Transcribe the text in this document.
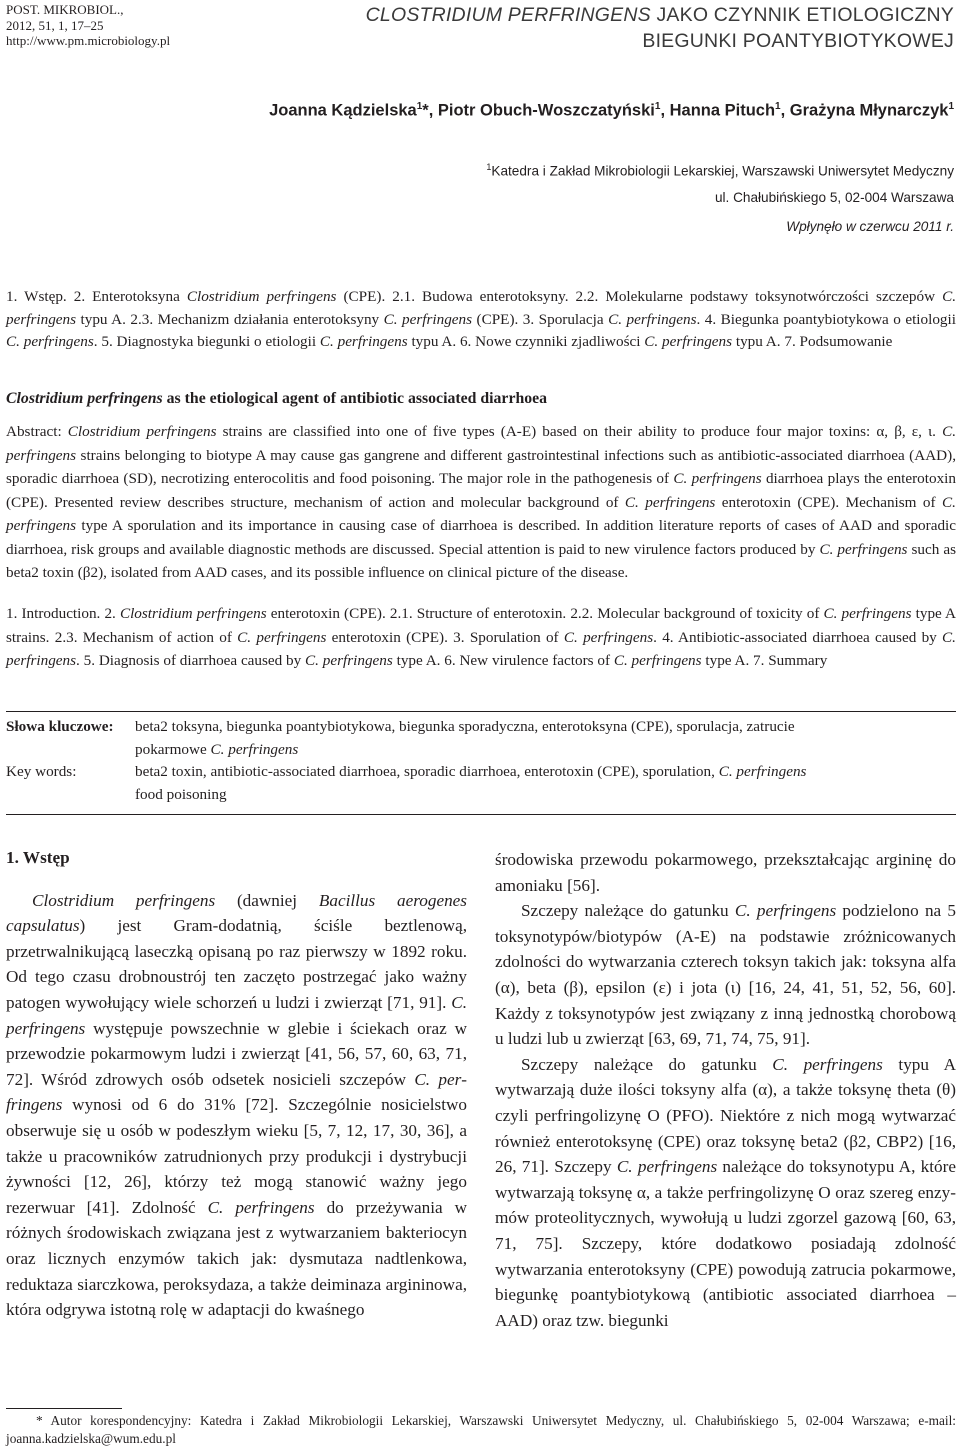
POST. MIKROBIOL.,
2012, 51, 1, 17–25
http://www.pm.microbiology.pl
CLOSTRIDIUM PERFRINGENS JAKO CZYNNIK ETIOLOGICZNY
BIEGUNKI POANTYBIOTYKOWEJ
Joanna Kądzielska$^1$*, Piotr Obuch-Woszczatyński$^1$, Hanna Pituch$^1$, Grażyna Młynarczyk$^1$
$^1$Katedra i Zakład Mikrobiologii Lekarskiej, Warszawski Uniwersytet Medyczny
ul. Chałubińskiego 5, 02-004 Warszawa
Wpłynęło w czerwcu 2011 r.
1. Wstęp. 2. Enterotoksyna Clostridium perfringens (CPE). 2.1. Budowa enterotoksyny. 2.2. Molekularne podstawy toksynotwórczości szczepów C. perfringens typu A. 2.3. Mechanizm działania enterotoksyny C. perfringens (CPE). 3. Sporulacja C. perfringens. 4. Biegunka poantybiotykowa o etiologii C. perfringens. 5. Diagnostyka biegunki o etiologii C. perfringens typu A. 6. Nowe czynniki zjadliwości C. perfringens typu A. 7. Podsumowanie
Clostridium perfringens as the etiological agent of antibiotic associated diarrhoea
Abstract: Clostridium perfringens strains are classified into one of five types (A-E) based on their ability to produce four major toxins: α, β, ε, ι. C. perfringens strains belonging to biotype A may cause gas gangrene and different gastrointestinal infections such as antibiotic-associated diarrhoea (AAD), sporadic diarrhoea (SD), necrotizing enterocolitis and food poisoning. The major role in the pathogenesis of C. perfringens diarrhoea plays the enterotoxin (CPE). Presented review describes structure, mechanism of action and molecular background of C. perfringens enterotoxin (CPE). Mechanism of C. perfringens type A sporulation and its importance in causing case of diarrhoea is described. In addition literature reports of cases of AAD and sporadic diarrhoea, risk groups and available diagnostic methods are discussed. Special attention is paid to new virulence factors produced by C. perfringens such as beta2 toxin (β2), isolated from AAD cases, and its possible influence on clinical picture of the disease.
1. Introduction. 2. Clostridium perfringens enterotoxin (CPE). 2.1. Structure of enterotoxin. 2.2. Molecular background of toxicity of C. perfringens type A strains. 2.3. Mechanism of action of C. perfringens enterotoxin (CPE). 3. Sporulation of C. perfringens. 4. Antibiotic-associated diarrhoea caused by C. perfringens. 5. Diagnosis of diarrhoea caused by C. perfringens type A. 6. New virulence factors of C. perfringens type A. 7. Summary
Słowa kluczowe: beta2 toksyna, biegunka poantybiotykowa, biegunka sporadyczna, enterotoksyna (CPE), sporulacja, zatrucie pokarmowe C. perfringens
Key words:	beta2 toxin, antibiotic-associated diarrhoea, sporadic diarrhoea, enterotoxin (CPE), sporulation, C. perfringens food poisoning
1. Wstęp

Clostridium perfringens (dawniej Bacillus aerogenes capsulatus) jest Gram-dodatnią, ściśle beztlenową, przetrwalnikującą laseczką opisaną po raz pierwszy w 1892 roku. Od tego czasu drobnoustrój ten zaczęto postrzegać jako ważny patogen wywołujący wiele schorzeń u ludzi i zwierząt [71, 91]. C. perfringens występuje powszechnie w glebie i ściekach oraz w przewodzie pokarmowym ludzi i zwierząt [41, 56, 57, 60, 63, 71, 72]. Wśród zdrowych osób odsetek nosicieli szczepów C. perfringens wynosi od 6 do 31% [72]. Szczególnie nosicielstwo obserwuje się u osób w podeszłym wieku [5, 7, 12, 17, 30, 36], a także u pracowników zatrudnionych przy produkcji i dystrybucji żywności [12, 26], którzy też mogą stanowić ważny jego rezerwuar [41]. Zdolność C. perfringens do przeżywania w różnych środowiskach związana jest z wytwarzaniem bakteriocyn oraz licznych enzymów takich jak: dysmutaza nadtlenkowa, reduktaza siarczkowa, peroksydaza, a także deiminaza argininowa, która odgrywa istotną rolę w adaptacji do kwaśnego

środowiska przewodu pokarmowego, przekształcając argininę do amoniaku [56].

Szczepy należące do gatunku C. perfringens podzielono na 5 toksynotypów/biotypów (A-E) na podstawie zróżnicowanych zdolności do wytwarzania czterech toksyn takich jak: toksyna alfa (α), beta (β), epsilon (ε) i jota (ι) [16, 24, 41, 51, 52, 56, 60]. Każdy z toksynotypów jest związany z inną jednostką chorobową u ludzi lub u zwierząt [63, 69, 71, 74, 75, 91].

Szczepy należące do gatunku C. perfringens typu A wytwarzają duże ilości toksyny alfa (α), a także toksynę theta (θ) czyli perfringolizynę O (PFO). Niektóre z nich mogą wytwarzać również enterotoksynę (CPE) oraz toksynę beta2 (β2, CBP2) [16, 26, 71]. Szczepy C. perfringens należące do toksynotypu A, które wytwarzają toksynę α, a także perfringolizynę O oraz szereg enzymów proteolitycznych, wywołują u ludzi zgorzel gazową [60, 63, 71, 75]. Szczepy, które dodatkowo posiadają zdolność wytwarzania enterotoksyny (CPE) powodują zatrucia pokarmowe, biegunkę poantybiotykową (antibiotic associated diarrhoea – AAD) oraz tzw. biegunki

* Autor korespondencyjny: Katedra i Zakład Mikrobiologii Lekarskiej, Warszawski Uniwersytet Medyczny, ul. Chałubińskiego 5, 02-004 Warszawa; e-mail: joanna.kadzielska@wum.edu.pl
